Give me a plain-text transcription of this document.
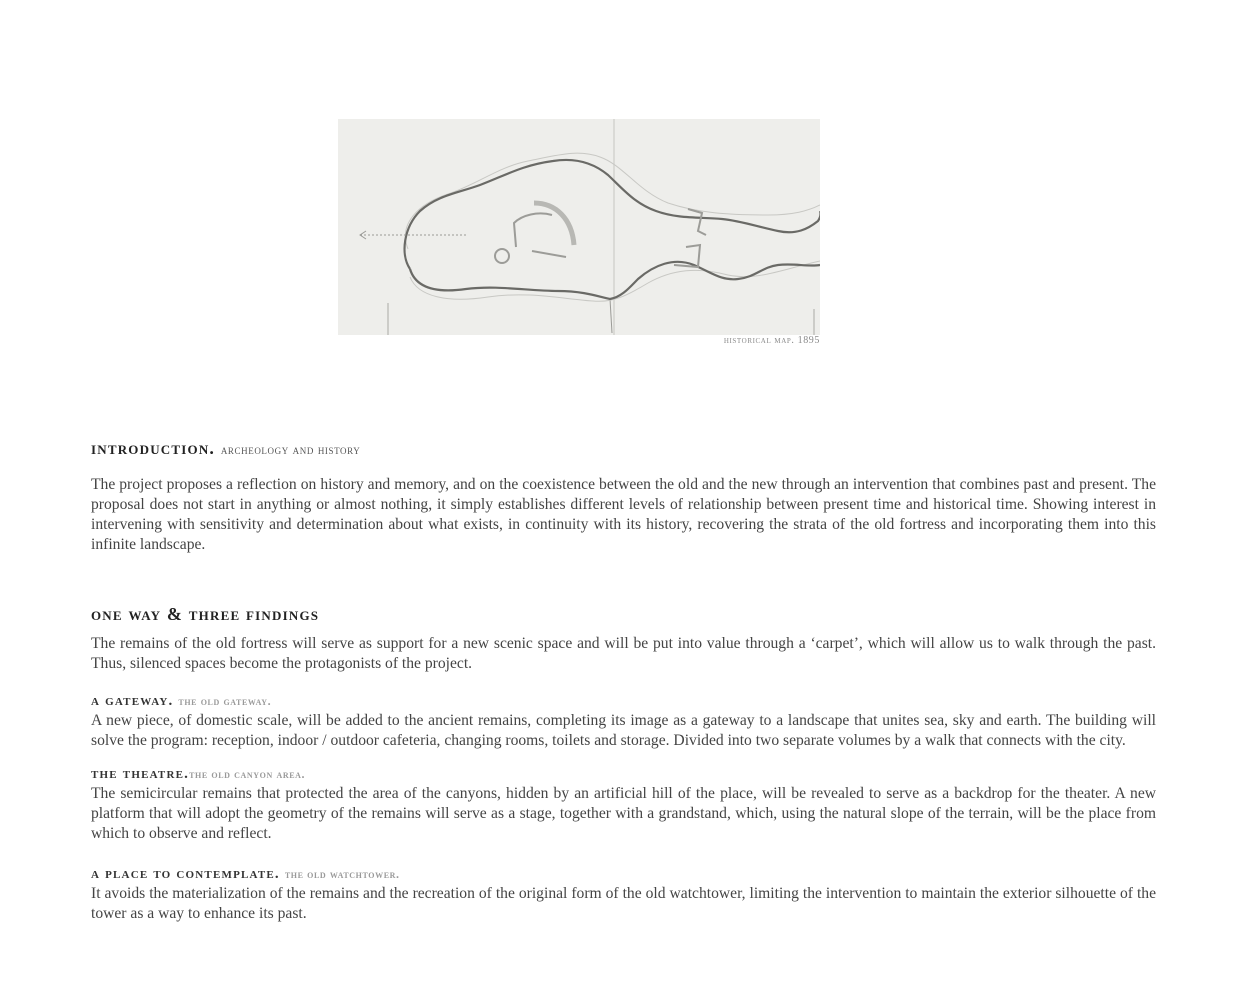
historical map. 1895
introduction. archeology and history

The project proposes a reflection on history and memory, and on the coexistence between the old and the new through an intervention that combines past and present. The proposal does not start in anything or almost nothing, it simply establishes different levels of relationship between present time and historical time. Showing interest in intervening with sensitivity and determination about what exists, in continuity with its history, recovering the strata of the old fortress and incorporating them into this infinite landscape.

one way & three findings

The remains of the old fortress will serve as support for a new scenic space and will be put into value through a ‘carpet’, which will allow us to walk through the past. Thus, silenced spaces become the protagonists of the project.

a gateway. the old gateway.

A new piece, of domestic scale, will be added to the ancient remains, completing its image as a gateway to a landscape that unites sea, sky and earth. The building will solve the program: reception, indoor / outdoor cafeteria, changing rooms, toilets and storage. Divided into two separate volumes by a walk that connects with the city.

the theatre.the old canyon area.

The semicircular remains that protected the area of the canyons, hidden by an artificial hill of the place, will be revealed to serve as a backdrop for the theater. A new platform that will adopt the geometry of the remains will serve as a stage, together with a grandstand, which, using the natural slope of the terrain, will be the place from which to observe and reflect.

a place to contemplate. the old watchtower.

It avoids the materialization of the remains and the recreation of the original form of the old watchtower, limiting the intervention to maintain the exterior silhouette of the tower as a way to enhance its past.
